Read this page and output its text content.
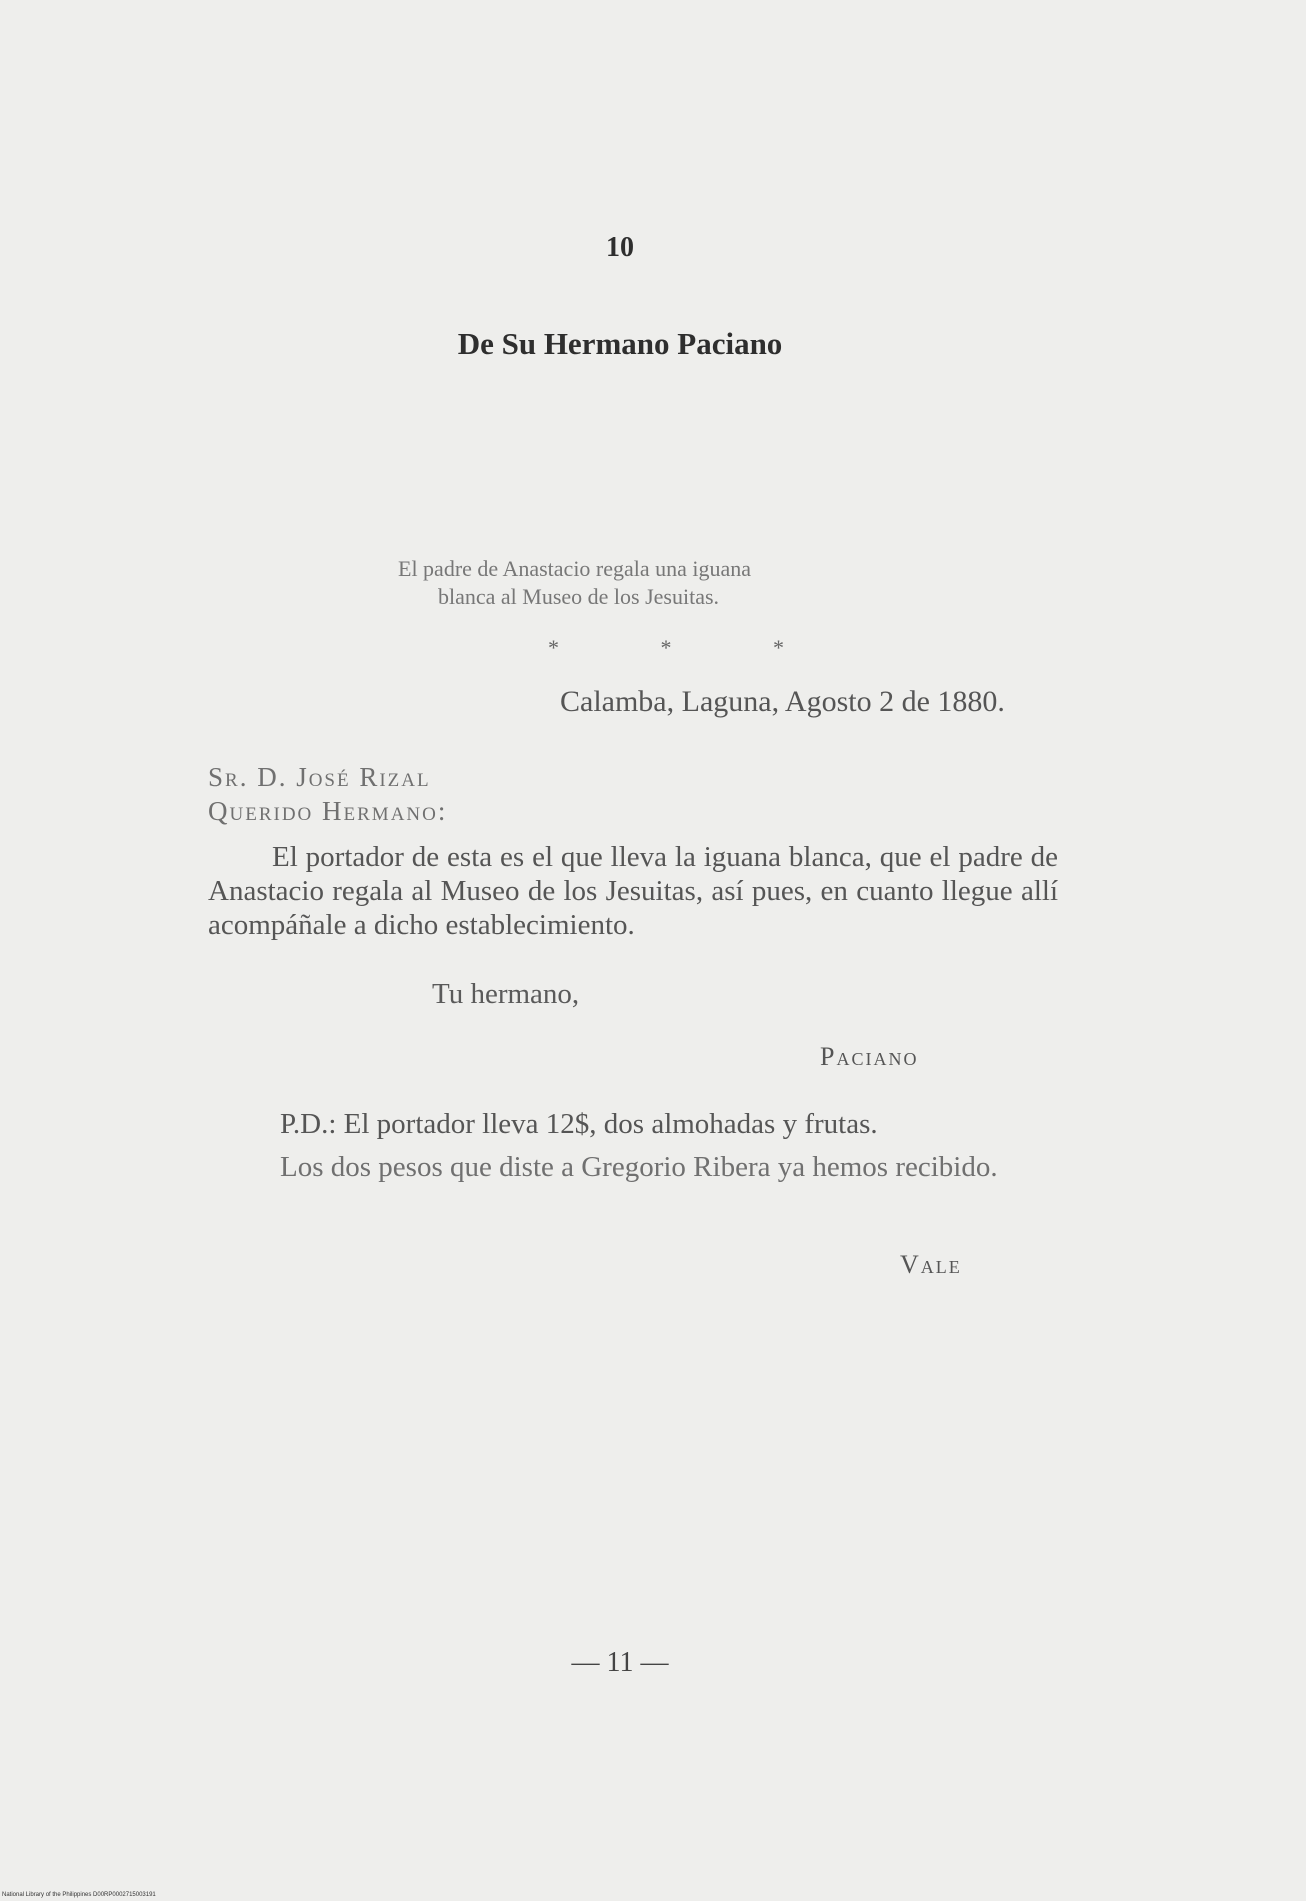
10
De Su Hermano Paciano
El padre de Anastacio regala una iguana
blanca al Museo de los Jesuitas.
* * *
Calamba, Laguna, Agosto 2 de 1880.
Sr. D. José Rizal
Querido Hermano:
El portador de esta es el que lleva la iguana blanca, que el padre de Anastacio regala al Museo de los Jesuitas, así pues, en cuanto llegue allí acompáñale a dicho establecimiento.
Tu hermano,
Paciano
P.D.: El portador lleva 12$, dos almohadas y frutas.
Los dos pesos que diste a Gregorio Ribera ya hemos recibido.
Vale
— 11 —
National Library of the Philippines D00RP0002715003191
